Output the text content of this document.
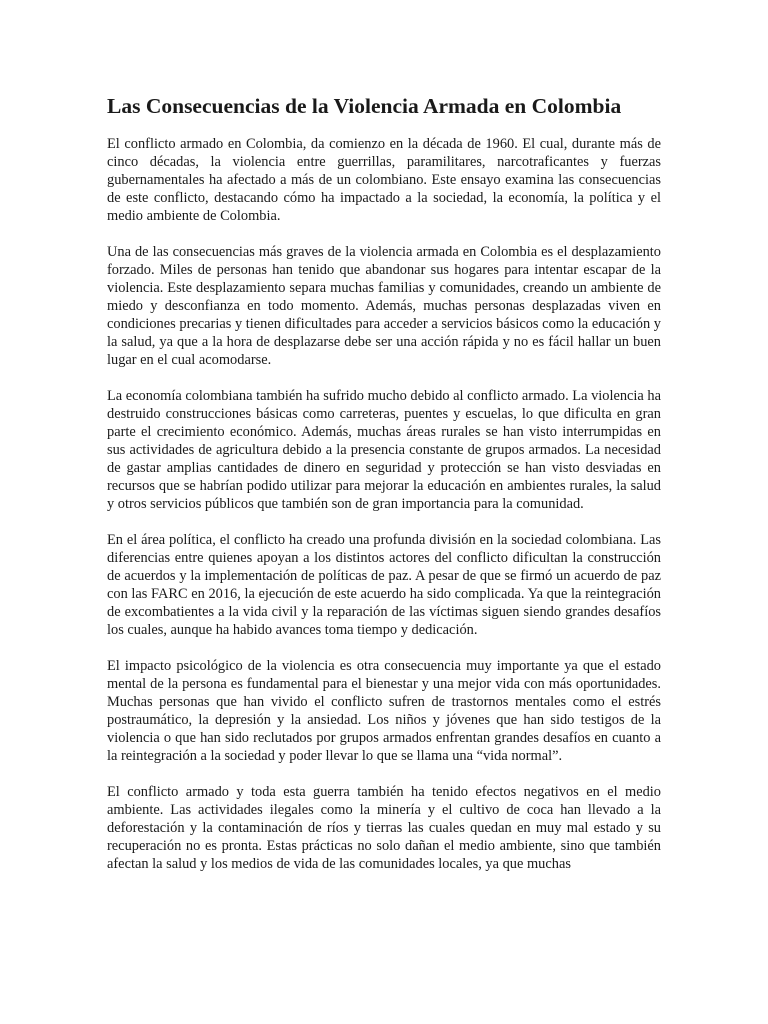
Las Consecuencias de la Violencia Armada en Colombia

El conflicto armado en Colombia, da comienzo en la década de 1960. El cual, durante más de cinco décadas, la violencia entre guerrillas, paramilitares, narcotraficantes y fuerzas gubernamentales ha afectado a más de un colombiano. Este ensayo examina las consecuencias de este conflicto, destacando cómo ha impactado a la sociedad, la economía, la política y el medio ambiente de Colombia.

Una de las consecuencias más graves de la violencia armada en Colombia es el desplazamiento forzado. Miles de personas han tenido que abandonar sus hogares para intentar escapar de la violencia. Este desplazamiento separa muchas familias y comunidades, creando un ambiente de miedo y desconfianza en todo momento. Además, muchas personas desplazadas viven en condiciones precarias y tienen dificultades para acceder a servicios básicos como la educación y la salud, ya que a la hora de desplazarse debe ser una acción rápida y no es fácil hallar un buen lugar en el cual acomodarse.

La economía colombiana también ha sufrido mucho debido al conflicto armado. La violencia ha destruido construcciones básicas como carreteras, puentes y escuelas, lo que dificulta en gran parte el crecimiento económico. Además, muchas áreas rurales se han visto interrumpidas en sus actividades de agricultura debido a la presencia constante de grupos armados. La necesidad de gastar amplias cantidades de dinero en seguridad y protección se han visto desviadas en recursos que se habrían podido utilizar para mejorar la educación en ambientes rurales, la salud y otros servicios públicos que también son de gran importancia para la comunidad.

En el área política, el conflicto ha creado una profunda división en la sociedad colombiana. Las diferencias entre quienes apoyan a los distintos actores del conflicto dificultan la construcción de acuerdos y la implementación de políticas de paz. A pesar de que se firmó un acuerdo de paz con las FARC en 2016, la ejecución de este acuerdo ha sido complicada. Ya que la reintegración de excombatientes a la vida civil y la reparación de las víctimas siguen siendo grandes desafíos los cuales, aunque ha habido avances toma tiempo y dedicación.

El impacto psicológico de la violencia es otra consecuencia muy importante ya que el estado mental de la persona es fundamental para el bienestar y una mejor vida con más oportunidades. Muchas personas que han vivido el conflicto sufren de trastornos mentales como el estrés postraumático, la depresión y la ansiedad. Los niños y jóvenes que han sido testigos de la violencia o que han sido reclutados por grupos armados enfrentan grandes desafíos en cuanto a la reintegración a la sociedad y poder llevar lo que se llama una “vida normal”.

El conflicto armado y toda esta guerra también ha tenido efectos negativos en el medio ambiente. Las actividades ilegales como la minería y el cultivo de coca han llevado a la deforestación y la contaminación de ríos y tierras las cuales quedan en muy mal estado y su recuperación no es pronta. Estas prácticas no solo dañan el medio ambiente, sino que también afectan la salud y los medios de vida de las comunidades locales, ya que muchas
